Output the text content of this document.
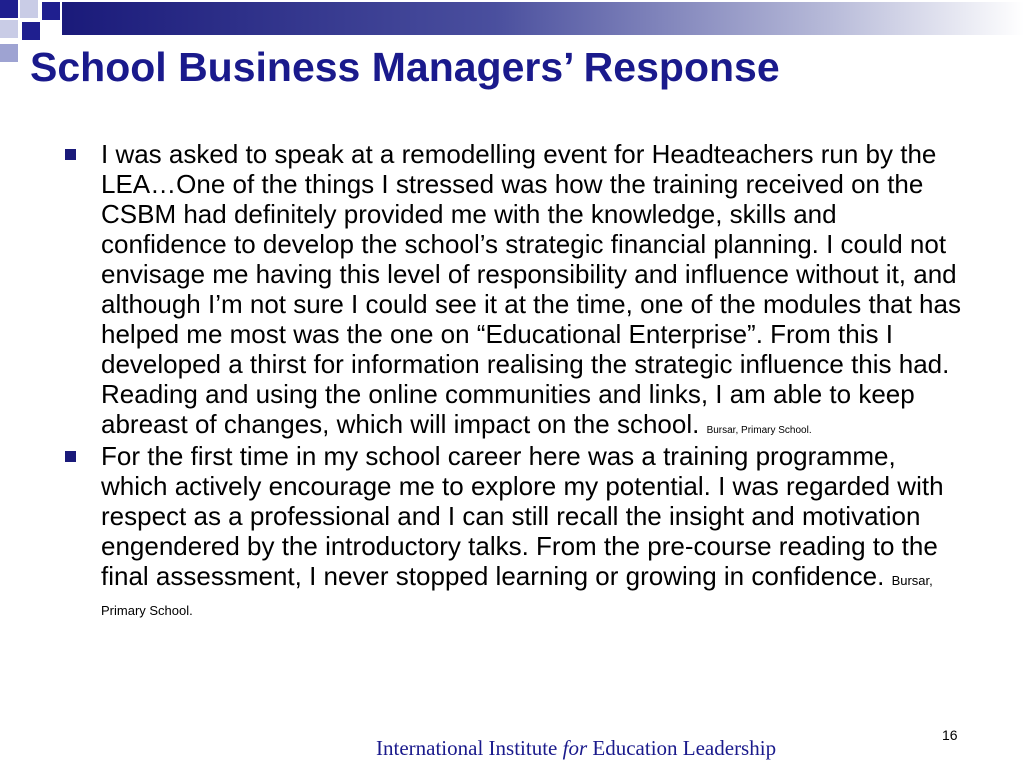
School Business Managers’ Response
I was asked to speak at a remodelling event for Headteachers run by the LEA…One of the things I stressed was how the training received on the CSBM had definitely provided me with the knowledge, skills and confidence to develop the school’s strategic financial planning. I could not envisage me having this level of responsibility and influence without it, and although I’m not sure I could see it at the time, one of the modules that has helped me most was the one on “Educational Enterprise”. From this I developed a thirst for information realising the strategic influence this had. Reading and using the online communities and links, I am able to keep abreast of changes, which will impact on the school. Bursar, Primary School.
For the first time in my school career here was a training programme, which actively encourage me to explore my potential. I was regarded with respect as a professional and I can still recall the insight and motivation engendered by the introductory talks. From the pre-course reading to the final assessment, I never stopped learning or growing in confidence. Bursar, Primary School.
16
International Institute for Education Leadership
